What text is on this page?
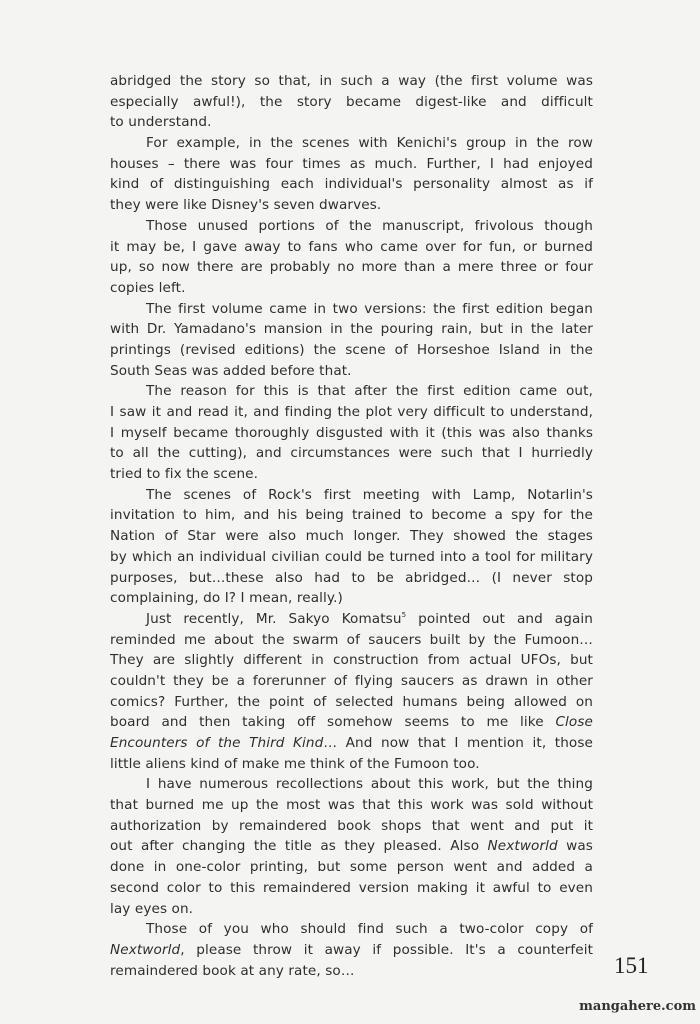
abridged the story so that, in such a way (the first volume was
especially awful!), the story became digest-like and difficult
to understand.
For example, in the scenes with Kenichi's group in the row
houses – there was four times as much. Further, I had enjoyed
kind of distinguishing each individual's personality almost as if
they were like Disney's seven dwarves.
Those unused portions of the manuscript, frivolous though
it may be, I gave away to fans who came over for fun, or burned
up, so now there are probably no more than a mere three or four
copies left.
The first volume came in two versions: the first edition began
with Dr. Yamadano's mansion in the pouring rain, but in the later
printings (revised editions) the scene of Horseshoe Island in the
South Seas was added before that.
The reason for this is that after the first edition came out,
I saw it and read it, and finding the plot very difficult to understand,
I myself became thoroughly disgusted with it (this was also thanks
to all the cutting), and circumstances were such that I hurriedly
tried to fix the scene.
The scenes of Rock's first meeting with Lamp, Notarlin's
invitation to him, and his being trained to become a spy for the
Nation of Star were also much longer. They showed the stages
by which an individual civilian could be turned into a tool for military
purposes, but…these also had to be abridged… (I never stop
complaining, do I? I mean, really.)
Just recently, Mr. Sakyo Komatsu$^5$ pointed out and again
reminded me about the swarm of saucers built by the Fumoon…
They are slightly different in construction from actual UFOs, but
couldn't they be a forerunner of flying saucers as drawn in other
comics? Further, the point of selected humans being allowed on
board and then taking off somehow seems to me like Close
Encounters of the Third Kind… And now that I mention it, those
little aliens kind of make me think of the Fumoon too.
I have numerous recollections about this work, but the thing
that burned me up the most was that this work was sold without
authorization by remaindered book shops that went and put it
out after changing the title as they pleased. Also Nextworld was
done in one-color printing, but some person went and added a
second color to this remaindered version making it awful to even
lay eyes on.
Those of you who should find such a two-color copy of
Nextworld, please throw it away if possible. It's a counterfeit
remaindered book at any rate, so…	151
mangahere.com
